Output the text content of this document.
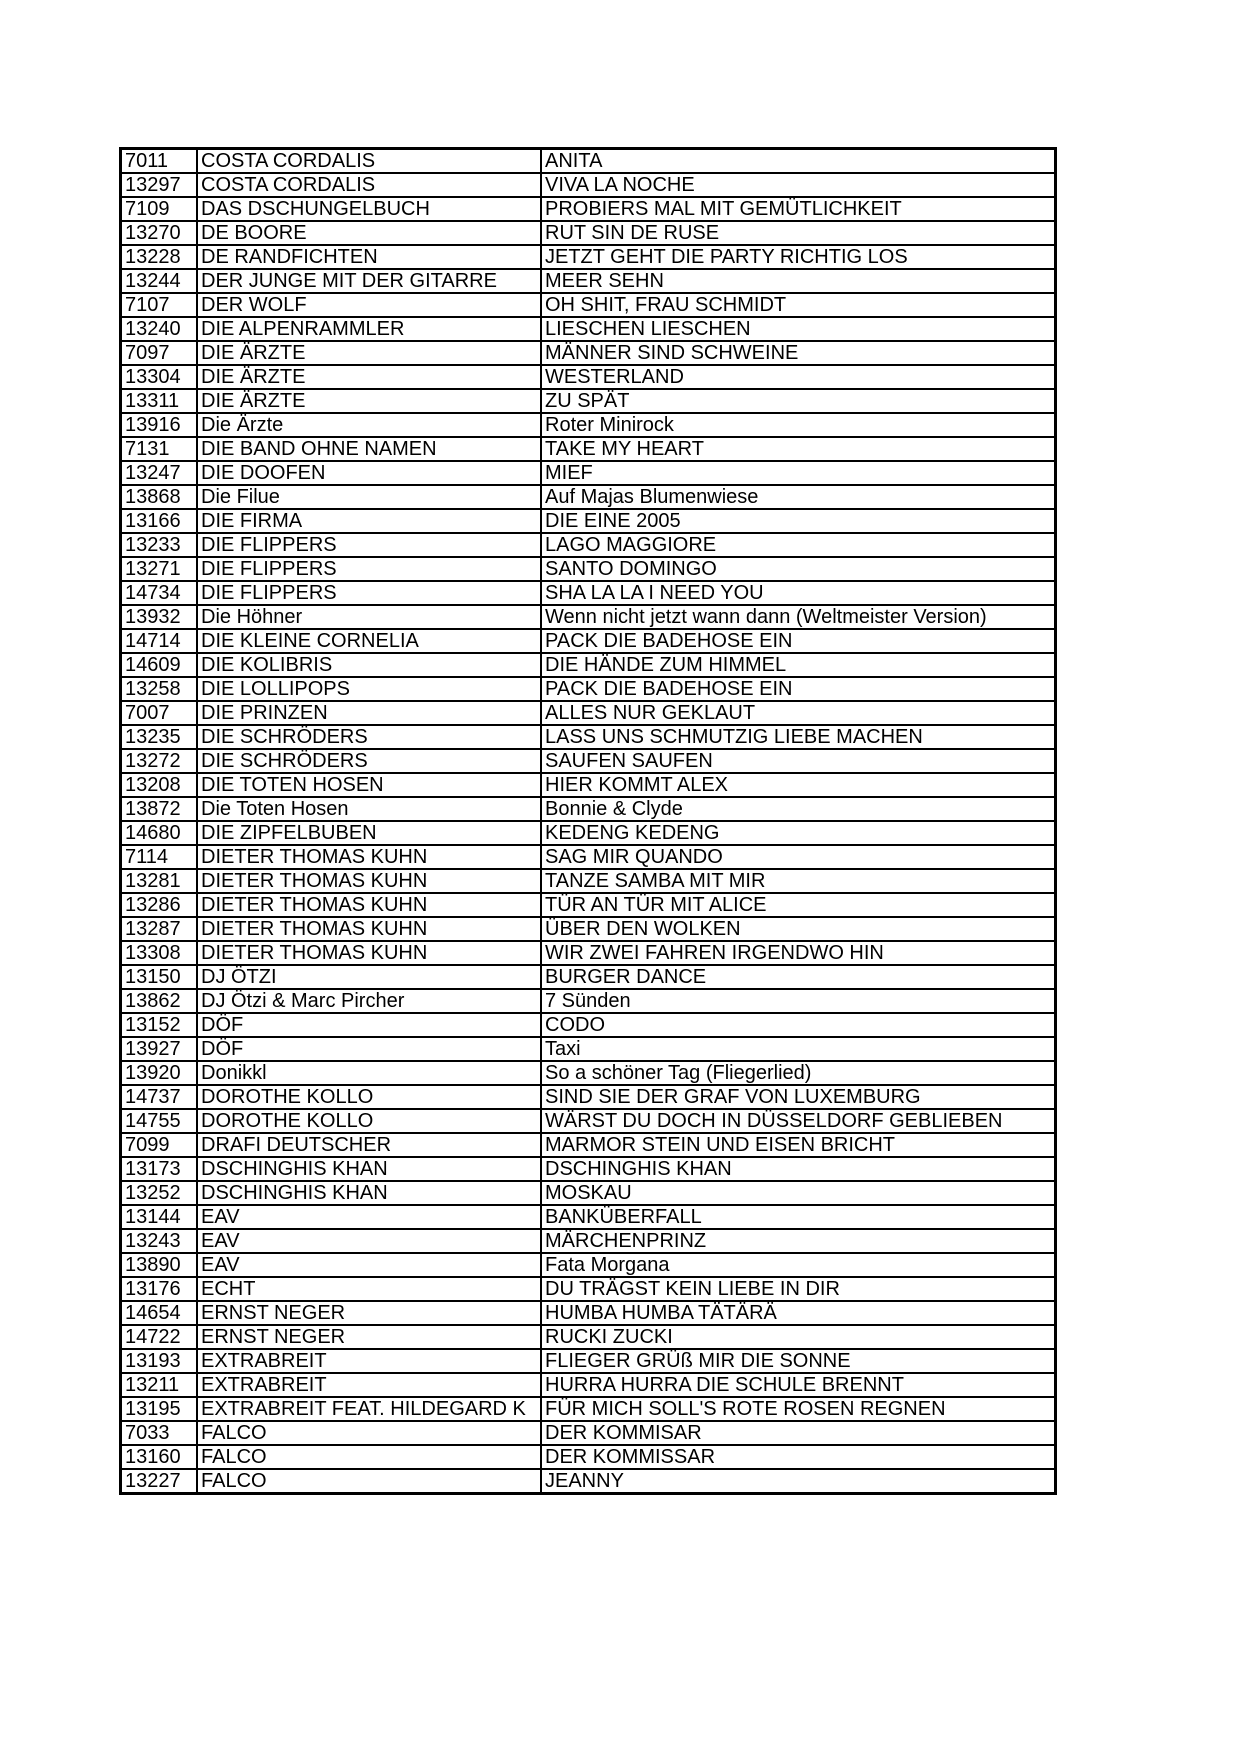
7011	COSTA CORDALIS	ANITA
13297	COSTA CORDALIS	VIVA LA NOCHE
7109	DAS DSCHUNGELBUCH	PROBIERS MAL MIT GEMÜTLICHKEIT
13270	DE BOORE	RUT SIN DE RUSE
13228	DE RANDFICHTEN	JETZT GEHT DIE PARTY RICHTIG LOS
13244	DER JUNGE MIT DER GITARRE	MEER SEHN
7107	DER WOLF	OH SHIT, FRAU SCHMIDT
13240	DIE ALPENRAMMLER	LIESCHEN LIESCHEN
7097	DIE ÄRZTE	MÄNNER SIND SCHWEINE
13304	DIE ÄRZTE	WESTERLAND
13311	DIE ÄRZTE	ZU SPÄT
13916	Die Ärzte	Roter Minirock
7131	DIE BAND OHNE NAMEN	TAKE MY HEART
13247	DIE DOOFEN	MIEF
13868	Die Filue	Auf Majas Blumenwiese
13166	DIE FIRMA	DIE EINE 2005
13233	DIE FLIPPERS	LAGO MAGGIORE
13271	DIE FLIPPERS	SANTO DOMINGO
14734	DIE FLIPPERS	SHA LA LA I NEED YOU
13932	Die Höhner	Wenn nicht jetzt wann dann (Weltmeister Version)
14714	DIE KLEINE CORNELIA	PACK DIE BADEHOSE EIN
14609	DIE KOLIBRIS	DIE HÄNDE ZUM HIMMEL
13258	DIE LOLLIPOPS	PACK DIE BADEHOSE EIN
7007	DIE PRINZEN	ALLES NUR GEKLAUT
13235	DIE SCHRÖDERS	LASS UNS SCHMUTZIG LIEBE MACHEN
13272	DIE SCHRÖDERS	SAUFEN SAUFEN
13208	DIE TOTEN HOSEN	HIER KOMMT ALEX
13872	Die Toten Hosen	Bonnie & Clyde
14680	DIE ZIPFELBUBEN	KEDENG KEDENG
7114	DIETER THOMAS KUHN	SAG MIR QUANDO
13281	DIETER THOMAS KUHN	TANZE SAMBA MIT MIR
13286	DIETER THOMAS KUHN	TÜR AN TÜR MIT ALICE
13287	DIETER THOMAS KUHN	ÜBER DEN WOLKEN
13308	DIETER THOMAS KUHN	WIR ZWEI FAHREN IRGENDWO HIN
13150	DJ ÖTZI	BURGER DANCE
13862	DJ Ötzi & Marc Pircher	7 Sünden
13152	DÖF	CODO
13927	DÖF	Taxi
13920	Donikkl	So a schöner Tag (Fliegerlied)
14737	DOROTHE KOLLO	SIND SIE DER GRAF VON LUXEMBURG
14755	DOROTHE KOLLO	WÄRST DU DOCH IN DÜSSELDORF GEBLIEBEN
7099	DRAFI DEUTSCHER	MARMOR STEIN UND EISEN BRICHT
13173	DSCHINGHIS KHAN	DSCHINGHIS KHAN
13252	DSCHINGHIS KHAN	MOSKAU
13144	EAV	BANKÜBERFALL
13243	EAV	MÄRCHENPRINZ
13890	EAV	Fata Morgana
13176	ECHT	DU TRÄGST KEIN LIEBE IN DIR
14654	ERNST NEGER	HUMBA HUMBA TÄTÄRÄ
14722	ERNST NEGER	RUCKI ZUCKI
13193	EXTRABREIT	FLIEGER GRÜß MIR DIE SONNE
13211	EXTRABREIT	HURRA HURRA DIE SCHULE BRENNT
13195	EXTRABREIT FEAT. HILDEGARD K	FÜR MICH SOLL'S ROTE ROSEN REGNEN
7033	FALCO	DER KOMMISAR
13160	FALCO	DER KOMMISSAR
13227	FALCO	JEANNY
